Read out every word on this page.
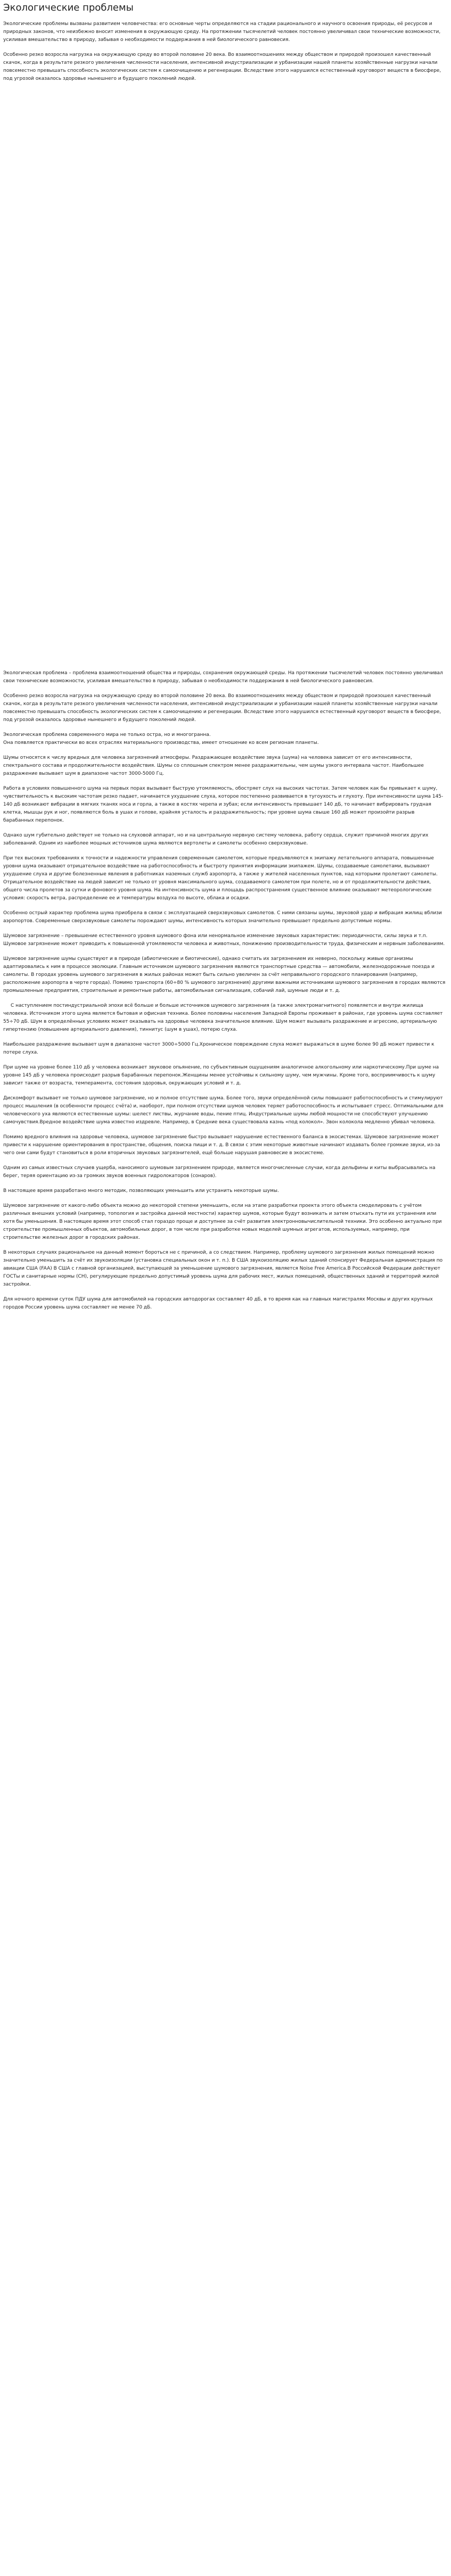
Экологические проблемы

Экологические проблемы вызваны развитием человечества: его основные черты определяются на стадии рационального и научного освоения природы, её ресурсов и природных законов, что неизбежно вносит изменения в окружающую среду. На протяжении тысячелетий человек постоянно увеличивал свои технические возможности, усиливая вмешательство в природу, забывая о необходимости поддержания в ней биологического равновесия.

Особенно резко возросла нагрузка на окружающую среду во второй половине 20 века. Во взаимоотношениях между обществом и природой произошел качественный скачок, когда в результате резкого увеличения численности населения, интенсивной индустриализации и урбанизации нашей планеты хозяйственные нагрузки начали повсеместно превышать способность экологических систем к самоочищению и регенерации. Вследствие этого нарушился естественный круговорот веществ в биосфере, под угрозой оказалось здоровье нынешнего и будущего поколений людей.

Экологическая проблема – проблема взаимоотношений общества и природы, сохранения окружающей среды. На протяжении тысячелетий человек постоянно увеличивал свои технические возможности, усиливая вмешательство в природу, забывая о необходимости поддержания в ней биологического равновесия.

Особенно резко возросла нагрузка на окружающую среду во второй половине 20 века. Во взаимоотношениях между обществом и природой произошел качественный скачок, когда в результате резкого увеличения численности населения, интенсивной индустриализации и урбанизации нашей планеты хозяйственные нагрузки начали повсеместно превышать способность экологических систем к самоочищению и регенерации. Вследствие этого нарушился естественный круговорот веществ в биосфере, под угрозой оказалось здоровье нынешнего и будущего поколений людей.

Экологическая проблема современного мира не только остра, но и многогранна.

Она появляется практически во всех отраслях материального производства, имеет отношение ко всем регионам планеты.

Шумы относятся к числу вредных для человека загрязнений атмосферы. Раздражающее воздействие звука (шума) на человека зависит от его интенсивности, спектрального состава и продолжительности воздействия. Шумы со сплошным спектром менее раздражительны, чем шумы узкого интервала частот. Наибольшее раздражение вызывает шум в диапазоне частот 3000-5000 Гц.

Работа в условиях повышенного шума на первых порах вызывает быструю утомляемость, обостряет слух на высоких частотах. Затем человек как бы привыкает к шуму, чувствительность к высоким частотам резко падает, начинается ухудшение слуха, которое постепенно развивается в тугоухость и глухоту. При интенсивности шума 145-140 дБ возникают вибрации в мягких тканях носа и горла, а также в костях черепа и зубах; если интенсивность превышает 140 дБ, то начинает вибрировать грудная клетка, мышцы рук и ног, появляются боль в ушах и голове, крайняя усталость и раздражительность; при уровне шума свыше 160 дБ может произойти разрыв барабанных перепонок.

Однако шум губительно действует не только на слуховой аппарат, но и на центральную нервную систему человека, работу сердца, служит причиной многих других заболеваний. Одним из наиболее мощных источников шума являются вертолеты и самолеты особенно сверхзвуковые.

При тех высоких требованиях к точности и надежности управления современным самолетом, которые предъявляются к экипажу летательного аппарата, повышенные уровни шума оказывают отрицательное воздействие на работоспособность и быстроту принятия информации экипажем. Шумы, создаваемые самолетами, вызывают ухудшение слуха и другие болезненные явления в работниках наземных служб аэропорта, а также у жителей населенных пунктов, над которыми пролетают самолеты. Отрицательное воздействие на людей зависит не только от уровня максимального шума, создаваемого самолетом при полете, но и от продолжительности действия, общего числа пролетов за сутки и фонового уровня шума. На интенсивность шума и площадь распространения существенное влияние оказывают метеорологические условия: скорость ветра, распределение ее и температуры воздуха по высоте, облака и осадки.

Особенно острый характер проблема шума приобрела в связи с эксплуатацией сверхзвуковых самолетов. С ними связаны шумы, звуковой удар и вибрация жилищ вблизи аэропортов. Современные сверхзвуковые самолеты порождают шумы, интенсивность которых значительно превышает предельно допустимые нормы.

Шумовое загрязнение – превышение естественного уровня шумового фона или ненормальное изменение звуковых характеристик: периодичности, силы звука и т.п. Шумовое загрязнение может приводить к повышенной утомляемости человека и животных, понижению производительности труда, физическим и нервным заболеваниям.

Шумовое загрязнение шумы существуют и в природе (абиотические и биотические), однако считать их загрязнением их неверно, поскольку живые организмы адаптировались к ним в процессе эволюции. Главным источником шумового загрязнения являются транспортные средства — автомобили, железнодорожные поезда и самолеты. В городах уровень шумового загрязнения в жилых районах может быть сильно увеличен за счёт неправильного городского планирования (например, расположение аэропорта в черте города). Помимо транспорта (60÷80 % шумового загрязнения) другими важными источниками шумового загрязнения в городах являются промышленные предприятия, строительные и ремонтные работы, автомобильная сигнализация, собачий лай, шумные люди и т. д.

С наступлением постиндустриальной эпохи всё больше и больше источников шумового загрязнения (а также электромагнитного) появляется и внутри жилища человека. Источником этого шума является бытовая и офисная техника. Более половины населения Западной Европы проживает в районах, где уровень шума составляет 55÷70 дБ. Шум в определённых условиях может оказывать на здоровье человека значительное влияние. Шум может вызывать раздражение и агрессию, артериальную гипертензию (повышение артериального давления), тиннитус (шум в ушах), потерю слуха.

Наибольшее раздражение вызывает шум в диапазоне частот 3000÷5000 Гц.Хроническое повреждение слуха может выражаться в шуме более 90 дБ может привести к потере слуха.

При шуме на уровне более 110 дБ у человека возникает звуковое опьянение, по субъективным ощущениям аналогичное алкогольному или наркотическому.При шуме на уровне 145 дБ у человека происходит разрыв барабанных перепонок.Женщины менее устойчивы к сильному шуму, чем мужчины. Кроме того, восприимчивость к шуму зависит также от возраста, темперамента, состояния здоровья, окружающих условий и т. д.

Дискомфорт вызывает не только шумовое загрязнение, но и полное отсутствие шума. Более того, звуки определённой силы повышают работоспособность и стимулируют процесс мышления (в особенности процесс счёта) и, наоборот, при полном отсутствии шумов человек теряет работоспособность и испытывает стресс. Оптимальными для человеческого уха являются естественные шумы: шелест листвы, журчание воды, пение птиц. Индустриальные шумы любой мощности не способствуют улучшению самочувствия.Вредное воздействие шума известно издревле. Например, в Средние века существовала казнь «под колокол». Звон колокола медленно убивал человека.

Помимо вредного влияния на здоровье человека, шумовое загрязнение быстро вызывает нарушение естественного баланса в экосистемах. Шумовое загрязнение может привести к нарушение ориентирования в пространстве, общения, поиска пищи и т. д. В связи с этим некоторые животные начинают издавать более громкие звуки, из-за чего они сами будут становиться в роли вторичных звуковых загрязнителей, ещё больше нарушая равновесие в экосистеме.

Одним из самых известных случаев ущерба, наносимого шумовым загрязнением природе, является многочисленные случаи, когда дельфины и киты выбрасывались на берег, теряя ориентацию из-за громких звуков военных гидролокаторов (сонаров).

В настоящее время разработано много методик, позволяющих уменьшить или устранить некоторые шумы.

Шумовое загрязнение от какого-либо объекта можно до некоторой степени уменьшить, если на этапе разработки проекта этого объекта смоделировать с учётом различных внешних условий (например, топология и застройка данной местности) характер шумов, которые будут возникать и затем отыскать пути их устранения или хотя бы уменьшения. В настоящее время этот способ стал гораздо проще и доступнее за счёт развития электронновычислительной техники. Это особенно актуально при строительстве промышленных объектов, автомобильных дорог, в том числе при разработке новых моделей шумных агрегатов, используемых, например, при строительстве железных дорог в городских районах.

В некоторых случаях рациональное на данный момент бороться не с причиной, а со следствием. Например, проблему шумового загрязнения жилых помещений можно значительно уменьшить за счёт их звукоизоляции (установка специальных окон и т. п.). В США звукоизоляцию жилых зданий спонсирует Федеральная администрация по авиации США (FAA) В США с главной организацией, выступающей за уменьшение шумового загрязнения, является Noise Free America.В Российской Федерации действуют ГОСТы и санитарные нормы (СН), регулирующие предельно допустимый уровень шума для рабочих мест, жилых помещений, общественных зданий и территорий жилой застройки.

Для ночного времени суток ПДУ шума для автомобилей на городских автодорогах составляет 40 дБ, в то время как на главных магистралях Москвы и других крупных городов России уровень шума составляет не менее 70 дБ.
